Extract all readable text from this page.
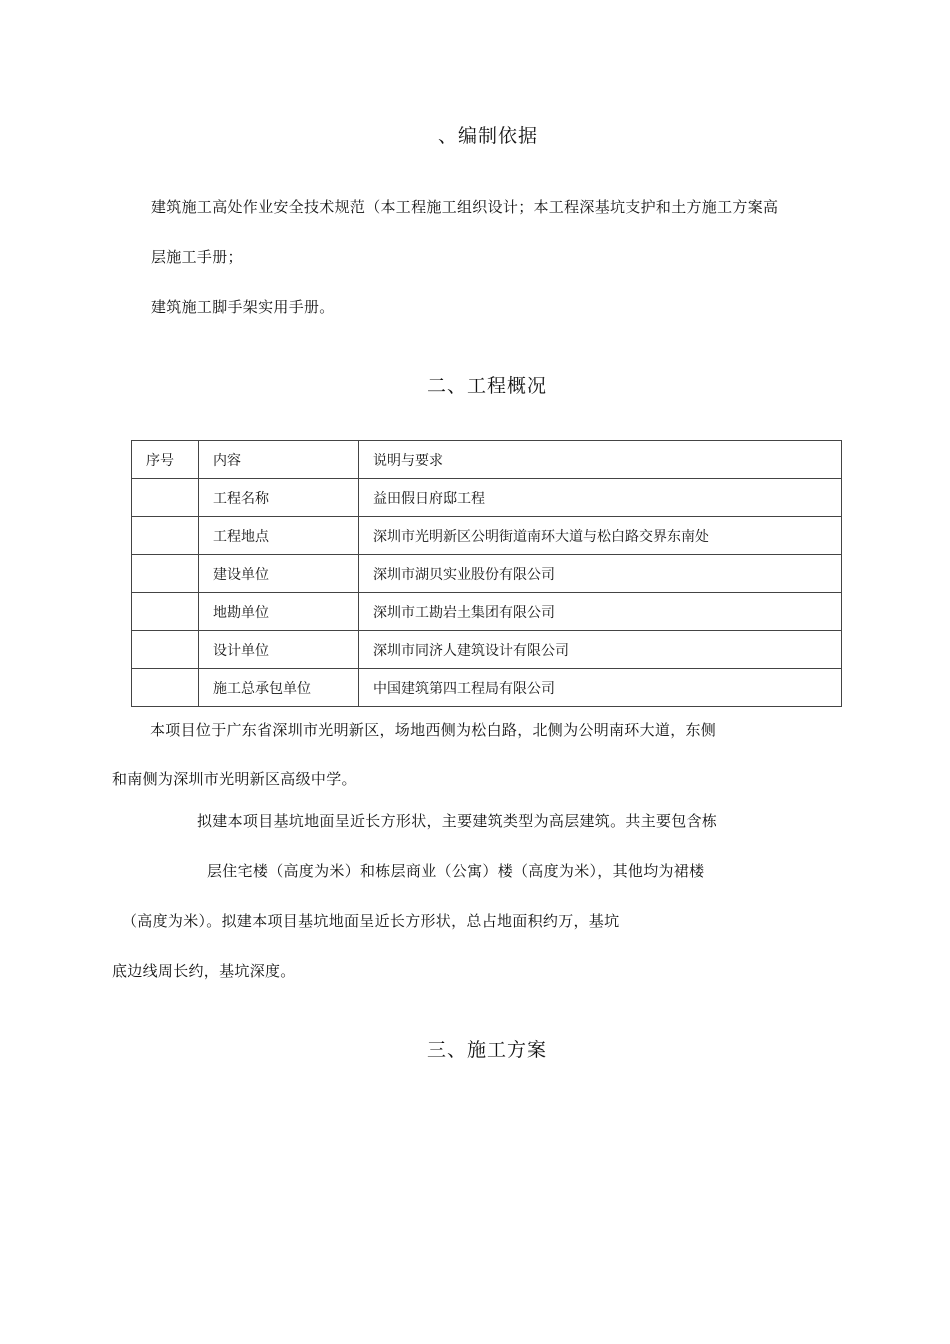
、编制依据
建筑施工高处作业安全技术规范（本工程施工组织设计；本工程深基坑支护和土方施工方案高
层施工手册；
建筑施工脚手架实用手册。
二、工程概况
序号	内容	说明与要求
	工程名称	益田假日府邸工程
	工程地点	深圳市光明新区公明街道南环大道与松白路交界东南处
	建设单位	深圳市湖贝实业股份有限公司
	地勘单位	深圳市工勘岩土集团有限公司
	设计单位	深圳市同济人建筑设计有限公司
	施工总承包单位	中国建筑第四工程局有限公司
本项目位于广东省深圳市光明新区，场地西侧为松白路，北侧为公明南环大道，东侧
和南侧为深圳市光明新区高级中学。
拟建本项目基坑地面呈近长方形状，主要建筑类型为高层建筑。共主要包含栋
层住宅楼（高度为米）和栋层商业（公寓）楼（高度为米），其他均为裙楼
（高度为米）。拟建本项目基坑地面呈近长方形状，总占地面积约万，基坑
底边线周长约，基坑深度。
三、施工方案
